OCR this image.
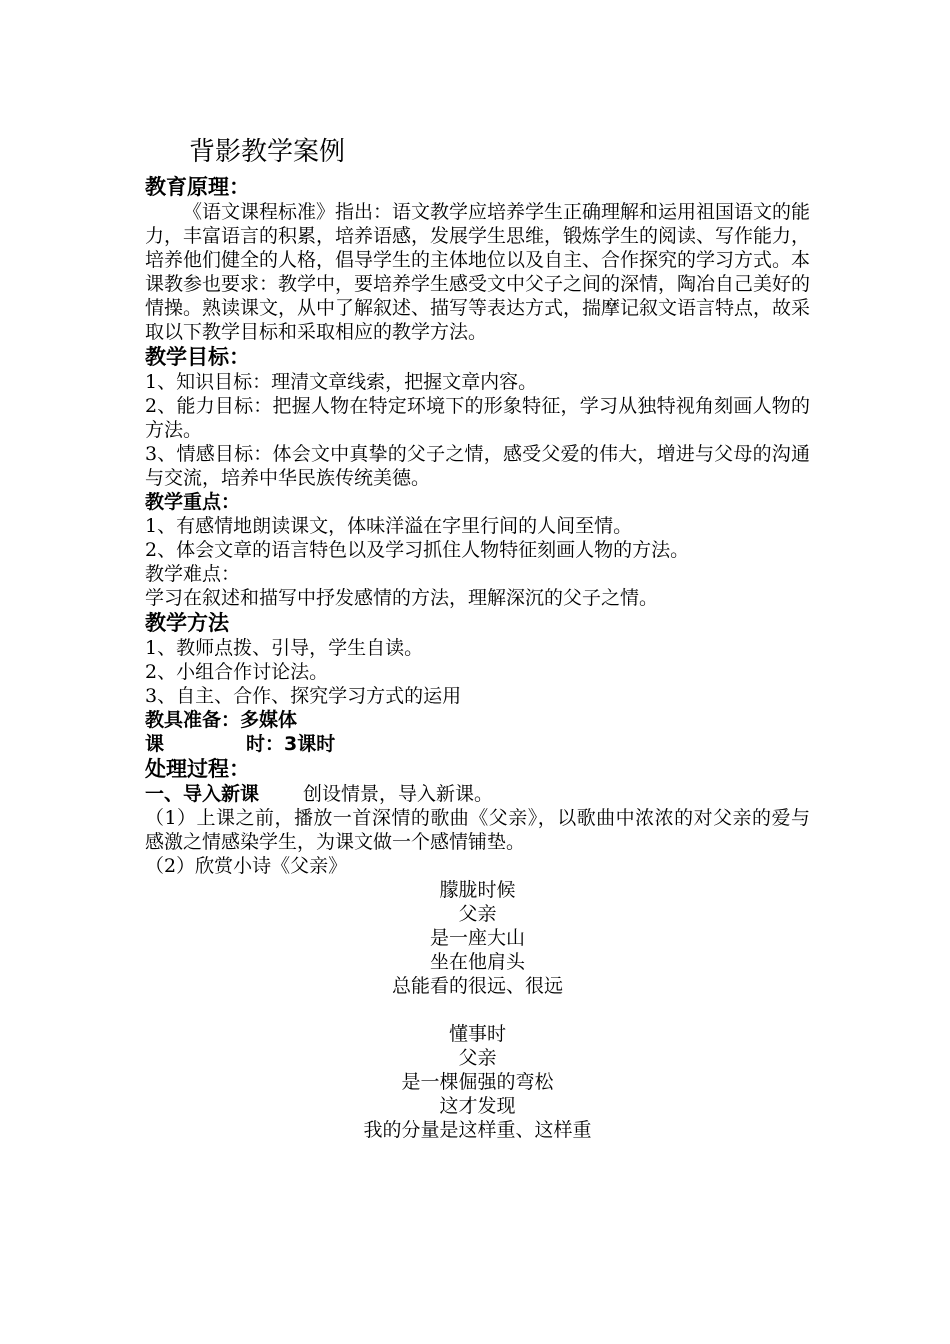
背影教学案例
教育原理：
《语文课程标准》指出：语文教学应培养学生正确理解和运用祖国语文的能力，丰富语言的积累，培养语感，发展学生思维，锻炼学生的阅读、写作能力，培养他们健全的人格，倡导学生的主体地位以及自主、合作探究的学习方式。本课教参也要求：教学中，要培养学生感受文中父子之间的深情，陶冶自己美好的情操。熟读课文，从中了解叙述、描写等表达方式，揣摩记叙文语言特点，故采取以下教学目标和采取相应的教学方法。
教学目标：
1、知识目标：理清文章线索，把握文章内容。
2、能力目标：把握人物在特定环境下的形象特征，学习从独特视角刻画人物的方法。
3、情感目标：体会文中真挚的父子之情，感受父爱的伟大，增进与父母的沟通与交流，培养中华民族传统美德。
教学重点：
1、有感情地朗读课文，体味洋溢在字里行间的人间至情。
2、体会文章的语言特色以及学习抓住人物特征刻画人物的方法。
教学难点：
学习在叙述和描写中抒发感情的方法，理解深沉的父子之情。
教学方法
1、教师点拨、引导，学生自读。
2、小组合作讨论法。
3、自主、合作、探究学习方式的运用
教具准备：多媒体
课	时：3课时
处理过程：
一、导入新课 创设情景，导入新课。
（1）上课之前，播放一首深情的歌曲《父亲》，以歌曲中浓浓的对父亲的爱与感激之情感染学生，为课文做一个感情铺垫。
（2）欣赏小诗《父亲》
朦胧时候
父亲
是一座大山
坐在他肩头
总能看的很远、很远
懂事时
父亲
是一棵倔强的弯松
这才发现
我的分量是这样重、这样重
